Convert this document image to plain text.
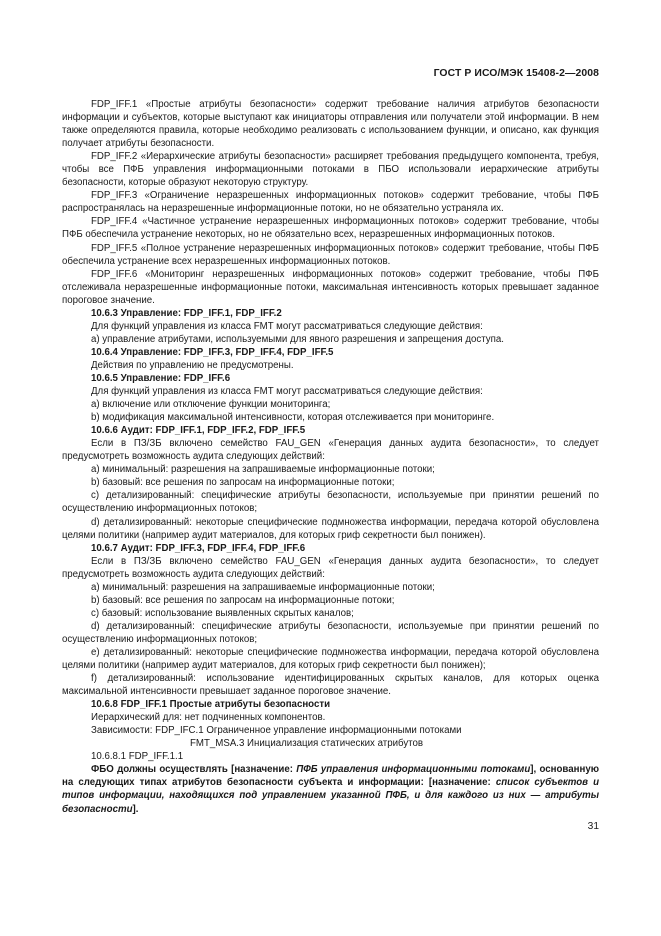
ГОСТ Р ИСО/МЭК 15408-2—2008

FDP_IFF.1 «Простые атрибуты безопасности» содержит требование наличия атрибутов безопасности информации и субъектов, которые выступают как инициаторы отправления или получатели этой информации. В нем также определяются правила, которые необходимо реализовать с использованием функции, и описано, как функция получает атрибуты безопасности.

FDP_IFF.2 «Иерархические атрибуты безопасности» расширяет требования предыдущего компонента, требуя, чтобы все ПФБ управления информационными потоками в ПБО использовали иерархические атрибуты безопасности, которые образуют некоторую структуру.

FDP_IFF.3 «Ограничение неразрешенных информационных потоков» содержит требование, чтобы ПФБ распространялась на неразрешенные информационные потоки, но не обязательно устраняла их.

FDP_IFF.4 «Частичное устранение неразрешенных информационных потоков» содержит требование, чтобы ПФБ обеспечила устранение некоторых, но не обязательно всех, неразрешенных информационных потоков.

FDP_IFF.5 «Полное устранение неразрешенных информационных потоков» содержит требование, чтобы ПФБ обеспечила устранение всех неразрешенных информационных потоков.

FDP_IFF.6 «Мониторинг неразрешенных информационных потоков» содержит требование, чтобы ПФБ отслеживала неразрешенные информационные потоки, максимальная интенсивность которых превышает заданное пороговое значение.

10.6.3 Управление: FDP_IFF.1, FDP_IFF.2

Для функций управления из класса FMT могут рассматриваться следующие действия:

а) управление атрибутами, используемыми для явного разрешения и запрещения доступа.

10.6.4 Управление: FDP_IFF.3, FDP_IFF.4, FDP_IFF.5

Действия по управлению не предусмотрены.

10.6.5 Управление: FDP_IFF.6

Для функций управления из класса FMT могут рассматриваться следующие действия:

а) включение или отключение функции мониторинга;

b) модификация максимальной интенсивности, которая отслеживается при мониторинге.

10.6.6 Аудит: FDP_IFF.1, FDP_IFF.2, FDP_IFF.5

Если в ПЗ/ЗБ включено семейство FAU_GEN «Генерация данных аудита безопасности», то следует предусмотреть возможность аудита следующих действий:

а) минимальный: разрешения на запрашиваемые информационные потоки;

b) базовый: все решения по запросам на информационные потоки;

с) детализированный: специфические атрибуты безопасности, используемые при принятии решений по осуществлению информационных потоков;

d) детализированный: некоторые специфические подмножества информации, передача которой обусловлена целями политики (например аудит материалов, для которых гриф секретности был понижен).

10.6.7 Аудит: FDP_IFF.3, FDP_IFF.4, FDP_IFF.6

Если в ПЗ/ЗБ включено семейство FAU_GEN «Генерация данных аудита безопасности», то следует предусмотреть возможность аудита следующих действий:

а) минимальный: разрешения на запрашиваемые информационные потоки;

b) базовый: все решения по запросам на информационные потоки;

с) базовый: использование выявленных скрытых каналов;

d) детализированный: специфические атрибуты безопасности, используемые при принятии решений по осуществлению информационных потоков;

е) детализированный: некоторые специфические подмножества информации, передача которой обусловлена целями политики (например аудит материалов, для которых гриф секретности был понижен);

f) детализированный: использование идентифицированных скрытых каналов, для которых оценка максимальной интенсивности превышает заданное пороговое значение.

10.6.8 FDP_IFF.1 Простые атрибуты безопасности

Иерархический для: нет подчиненных компонентов.

Зависимости: FDP_IFC.1 Ограниченное управление информационными потоками

FMT_MSA.3 Инициализация статических атрибутов

10.6.8.1 FDP_IFF.1.1

ФБО должны осуществлять [назначение: ПФБ управления информационными потоками], основанную на следующих типах атрибутов безопасности субъекта и информации: [назначение: список субъектов и типов информации, находящихся под управлением указанной ПФБ, и для каждого из них — атрибуты безопасности].

31
